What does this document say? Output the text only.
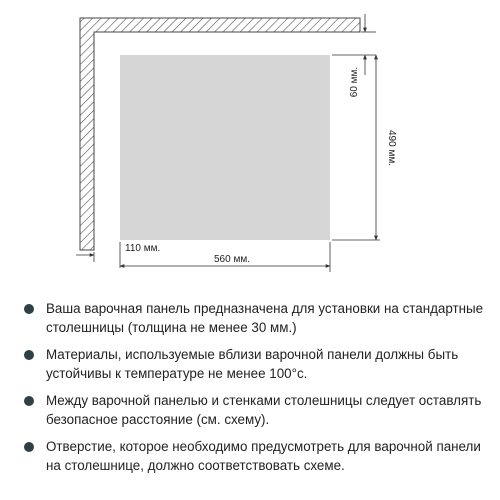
60 мм.
490 мм.
110 мм.
560 мм.
Ваша варочная панель предназначена для установки на стандартные столешницы (толщина не менее 30 мм.)
Материалы, используемые вблизи варочной панели должны быть устойчивы к температуре не менее 100°с.
Между варочной панелью и стенками столешницы следует оставлять безопасное расстояние (см. схему).
Отверстие, которое необходимо предусмотреть для варочной панели на столешнице, должно соответствовать схеме.
